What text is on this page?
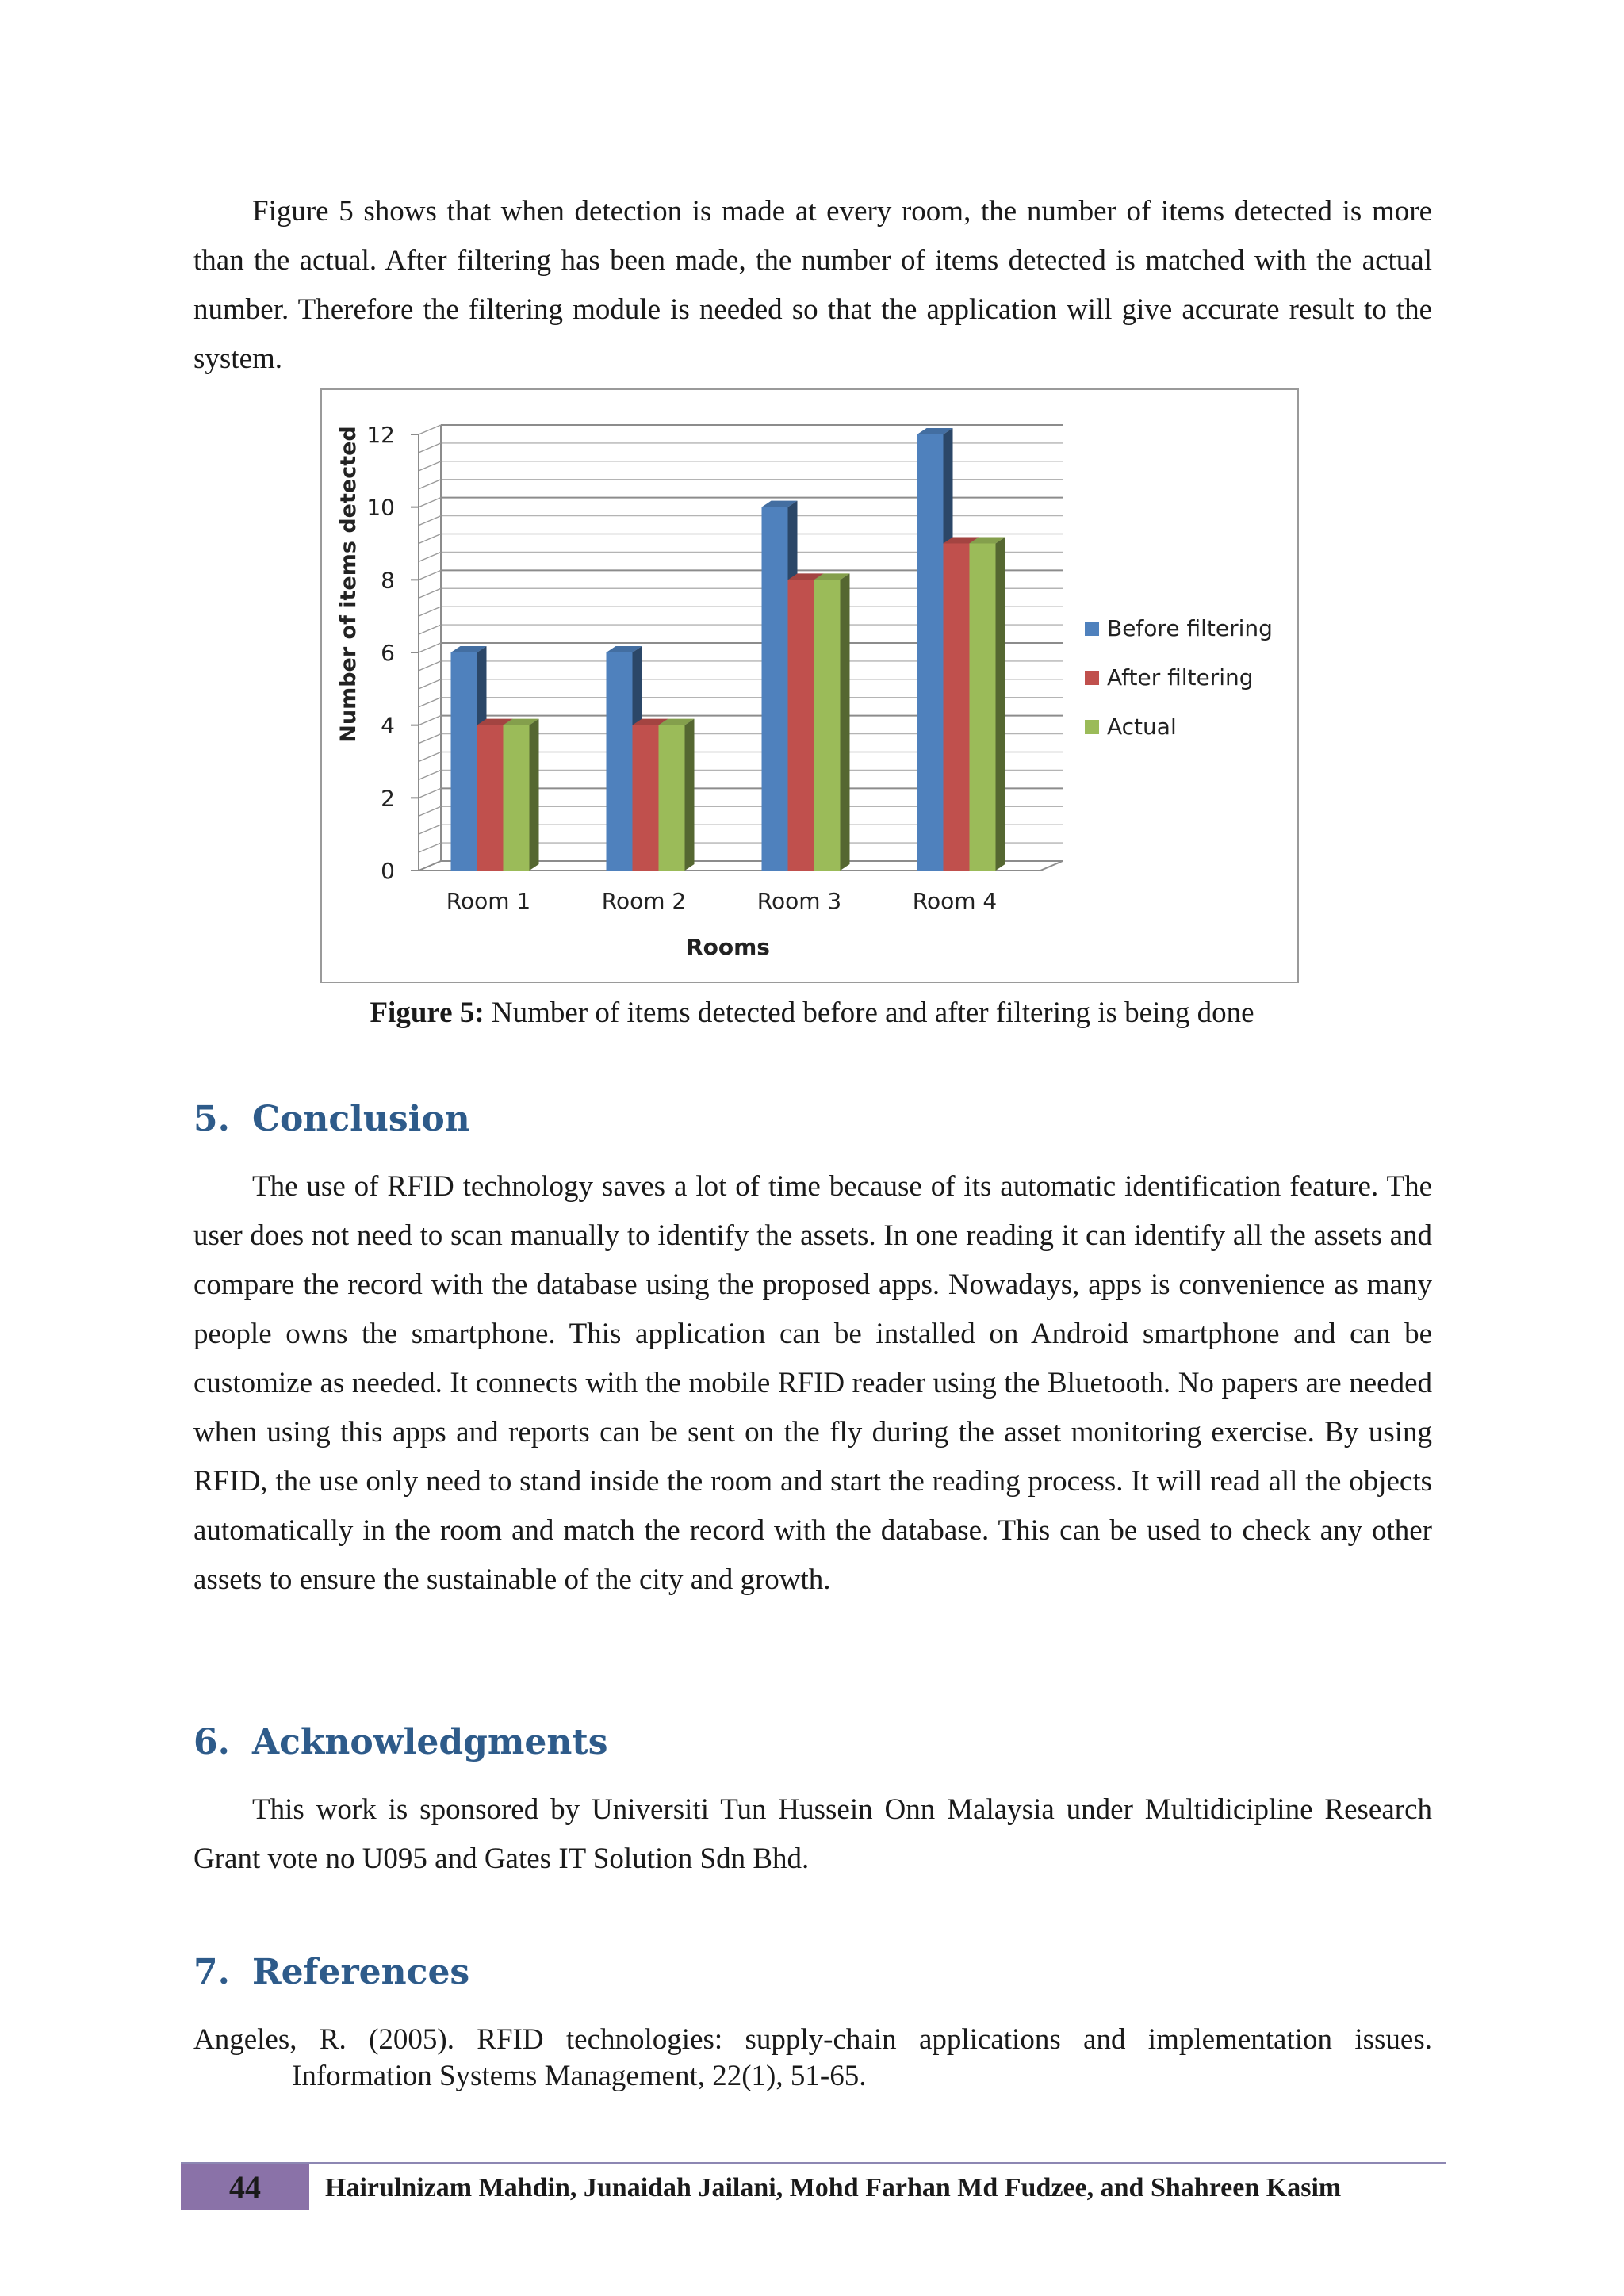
Figure 5 shows that when detection is made at every room, the number of items detected is more than the actual. After filtering has been made, the number of items detected is matched with the actual number. Therefore the filtering module is needed so that the application will give accurate result to the system.

0
2
4
6
8
10
12
Room 1	Room 2	Room 3	Room 4
Number of items detected
Rooms
Before filtering
After filtering
Actual
Figure 5: Number of items detected before and after filtering is being done
5. Conclusion

The use of RFID technology saves a lot of time because of its automatic identification feature. The user does not need to scan manually to identify the assets. In one reading it can identify all the assets and compare the record with the database using the proposed apps. Nowadays, apps is convenience as many people owns the smartphone. This application can be installed on Android smartphone and can be customize as needed. It connects with the mobile RFID reader using the Bluetooth. No papers are needed when using this apps and reports can be sent on the fly during the asset monitoring exercise. By using RFID, the use only need to stand inside the room and start the reading process. It will read all the objects automatically in the room and match the record with the database. This can be used to check any other assets to ensure the sustainable of the city and growth.

6. Acknowledgments

This work is sponsored by Universiti Tun Hussein Onn Malaysia under Multidicipline Research Grant vote no U095 and Gates IT Solution Sdn Bhd.

7. References

Angeles, R. (2005). RFID technologies: supply-chain applications and implementation issues. Information Systems Management, 22(1), 51-65.

44	Hairulnizam Mahdin, Junaidah Jailani, Mohd Farhan Md Fudzee, and Shahreen Kasim
